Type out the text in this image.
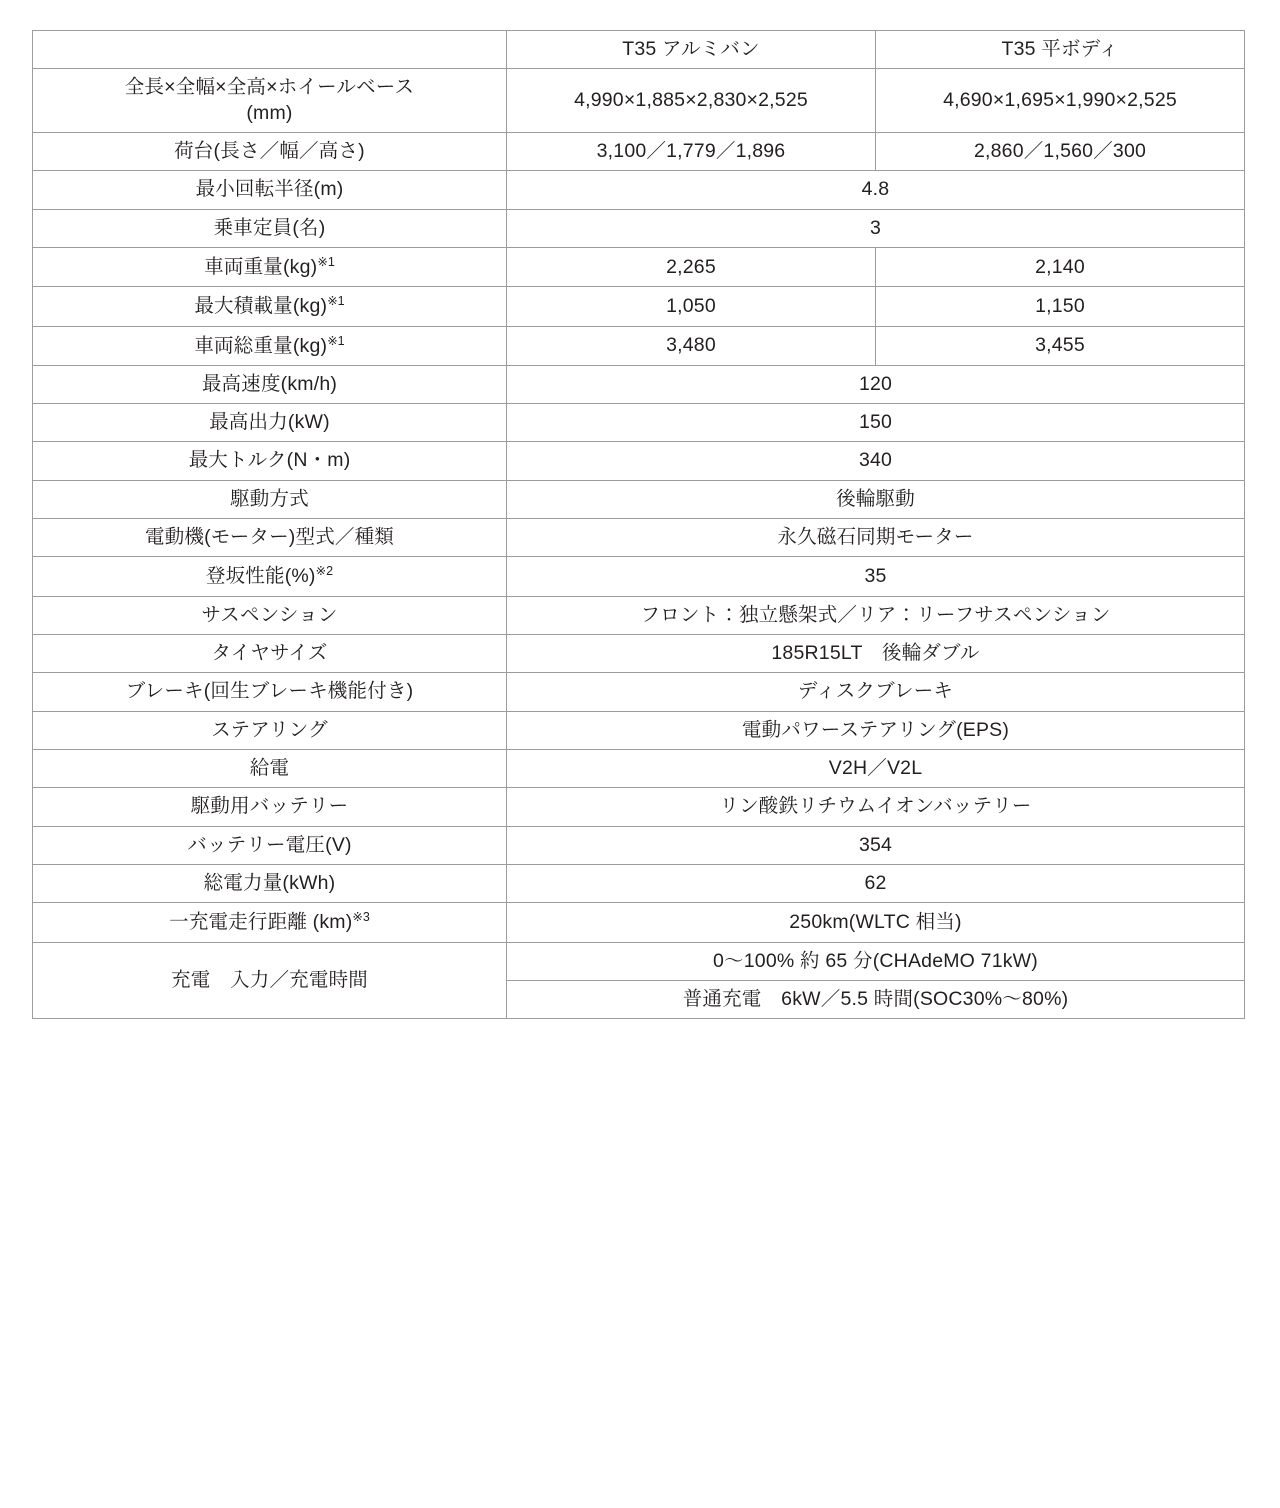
	T35 アルミバン	T35 平ボディ

全長×全幅×全高×ホイールベース
(mm)	4,990×1,885×2,830×2,525	4,690×1,695×1,990×2,525
荷台(長さ／幅／高さ)	3,100／1,779／1,896	2,860／1,560／300
最小回転半径(m)	4.8	
乗車定員(名)	3	
車両重量(kg)$^{※1}$	2,265	2,140
最大積載量(kg)$^{※1}$	1,050	1,150
車両総重量(kg)$^{※1}$	3,480	3,455
最高速度(km/h)	120	
最高出力(kW)	150	
最大トルク(N・m)	340	
駆動方式	後輪駆動	
電動機(モーター)型式／種類	永久磁石同期モーター	
登坂性能(%)$^{※2}$	35	
サスペンション	フロント：独立懸架式／リア：リーフサスペンション	
タイヤサイズ	185R15LT　後輪ダブル	
ブレーキ(回生ブレーキ機能付き)	ディスクブレーキ	
ステアリング	電動パワーステアリング(EPS)	
給電	V2H／V2L	
駆動用バッテリー	リン酸鉄リチウムイオンバッテリー	
バッテリー電圧(V)	354	
総電力量(kWh)	62	
一充電走行距離 (km)$^{※3}$	250km(WLTC 相当)	
充電　入力／充電時間	0〜100% 約 65 分(CHAdeMO 71kW)	
	普通充電　6kW／5.5 時間(SOC30%〜80%)	
